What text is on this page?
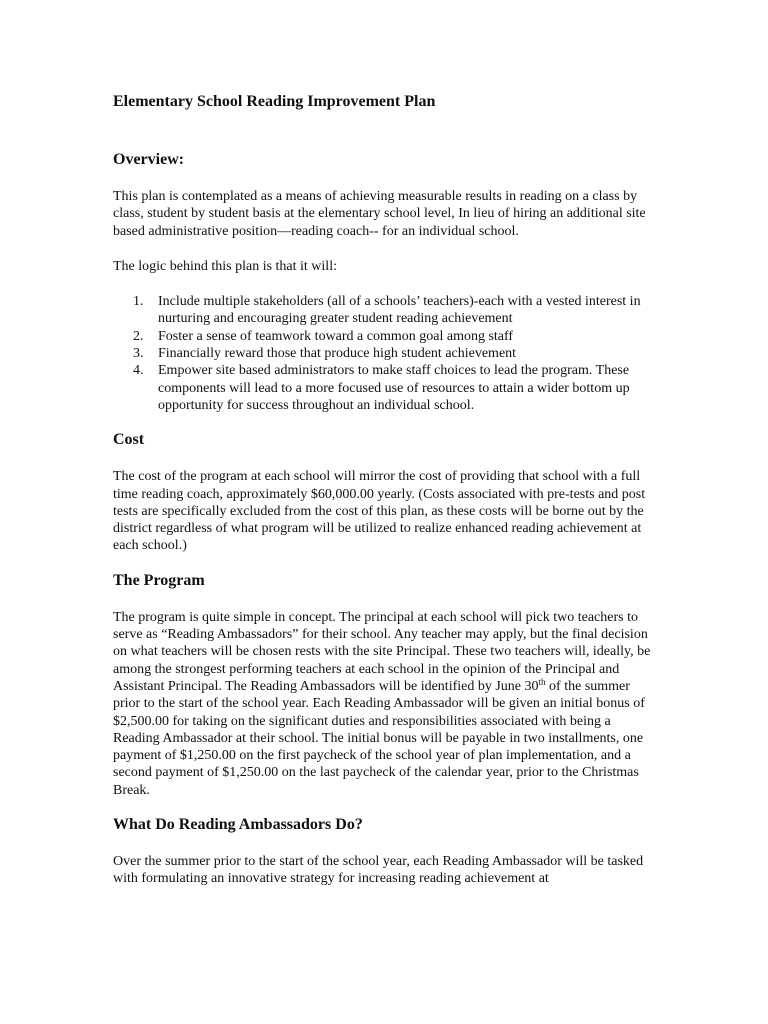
Elementary School Reading Improvement Plan
Overview:

This plan is contemplated as a means of achieving measurable results in reading on a class by class, student by student basis at the elementary school level, In lieu of hiring an additional site based administrative position—reading coach-- for an individual school.

The logic behind this plan is that it will:

1. Include multiple stakeholders (all of a schools’ teachers)-each with a vested interest in nurturing and encouraging greater student reading achievement
2. Foster a sense of teamwork toward a common goal among staff
3. Financially reward those that produce high student achievement
4. Empower site based administrators to make staff choices to lead the program. These components will lead to a more focused use of resources to attain a wider bottom up opportunity for success throughout an individual school.
Cost

The cost of the program at each school will mirror the cost of providing that school with a full time reading coach, approximately $60,000.00 yearly. (Costs associated with pre-tests and post tests are specifically excluded from the cost of this plan, as these costs will be borne out by the district regardless of what program will be utilized to realize enhanced reading achievement at each school.)

The Program

The program is quite simple in concept. The principal at each school will pick two teachers to serve as “Reading Ambassadors” for their school. Any teacher may apply, but the final decision on what teachers will be chosen rests with the site Principal. These two teachers will, ideally, be among the strongest performing teachers at each school in the opinion of the Principal and Assistant Principal. The Reading Ambassadors will be identified by June 30th of the summer prior to the start of the school year. Each Reading Ambassador will be given an initial bonus of $2,500.00 for taking on the significant duties and responsibilities associated with being a Reading Ambassador at their school. The initial bonus will be payable in two installments, one payment of $1,250.00 on the first paycheck of the school year of plan implementation, and a second payment of $1,250.00 on the last paycheck of the calendar year, prior to the Christmas Break.

What Do Reading Ambassadors Do?

Over the summer prior to the start of the school year, each Reading Ambassador will be tasked with formulating an innovative strategy for increasing reading achievement at
